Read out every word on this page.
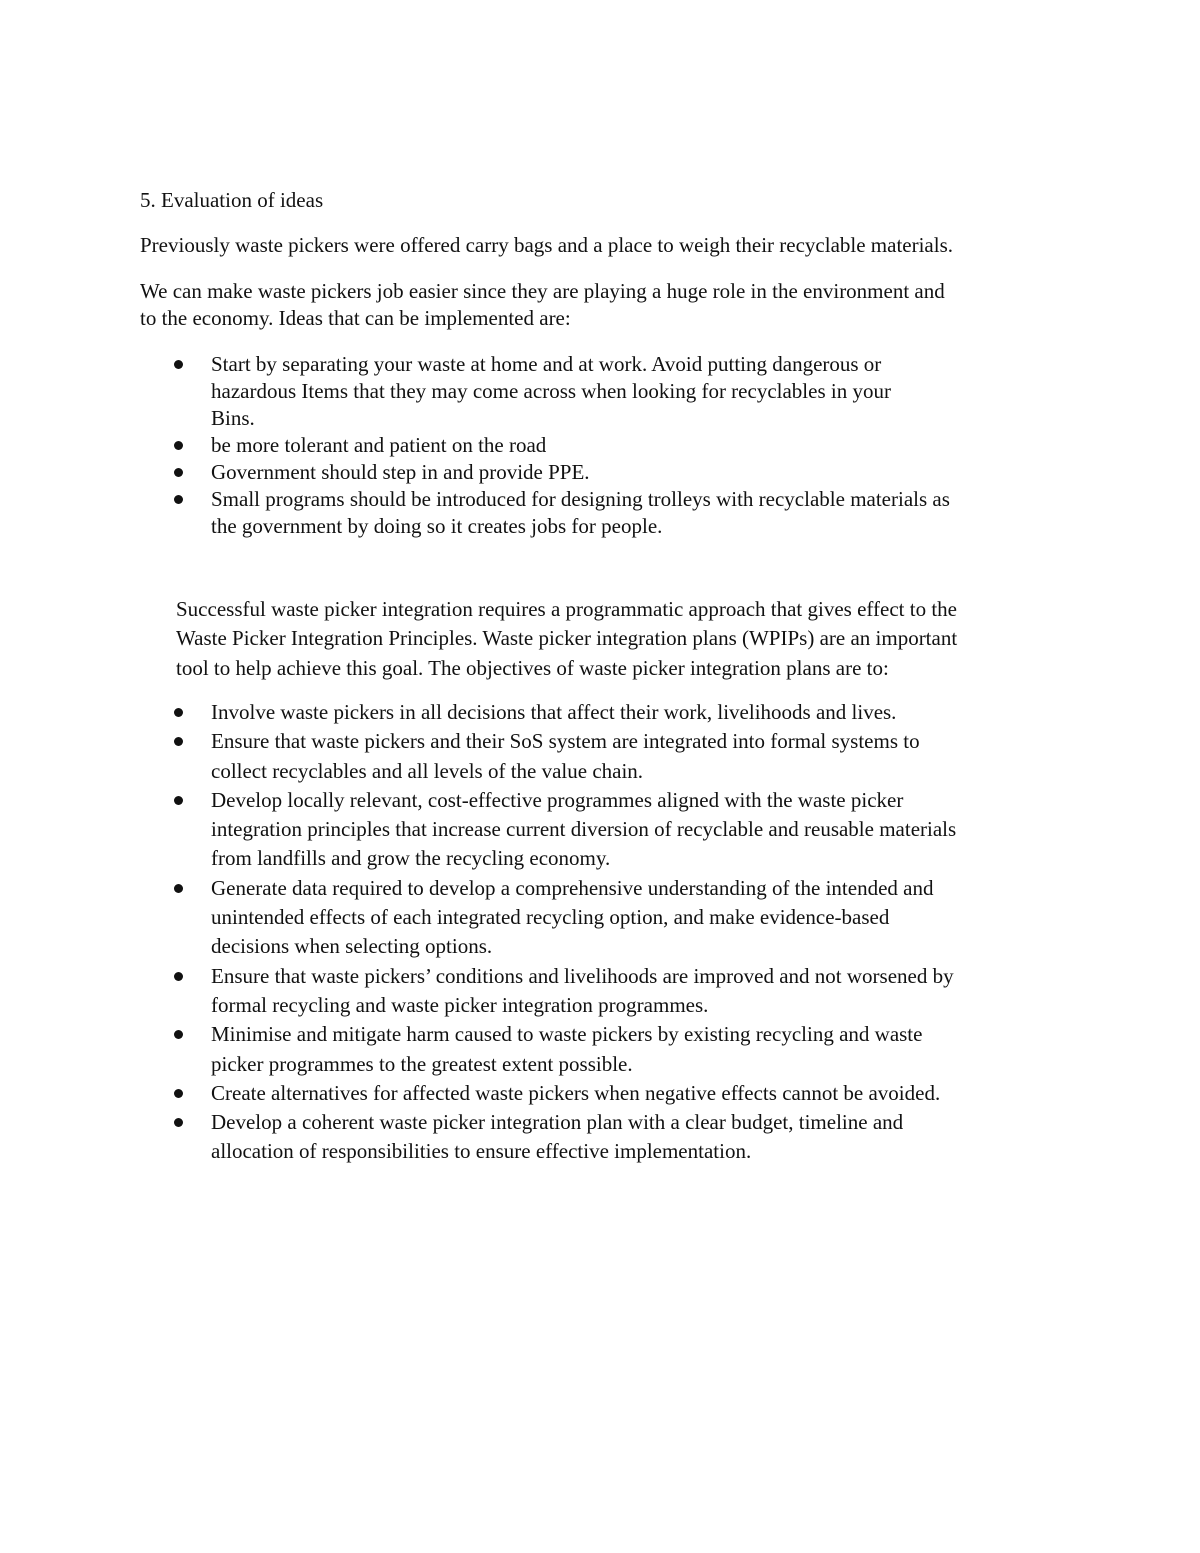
5. Evaluation of ideas

Previously waste pickers were offered carry bags and a place to weigh their recyclable materials.

We can make waste pickers job easier since they are playing a huge role in the environment and
to the economy. Ideas that can be implemented are:

Start by separating your waste at home and at work. Avoid putting dangerous or
hazardous Items that they may come across when looking for recyclables in your
Bins.
be more tolerant and patient on the road
Government should step in and provide PPE.
Small programs should be introduced for designing trolleys with recyclable materials as
the government by doing so it creates jobs for people.

Successful waste picker integration requires a programmatic approach that gives effect to the
Waste Picker Integration Principles. Waste picker integration plans (WPIPs) are an important
tool to help achieve this goal. The objectives of waste picker integration plans are to:

Involve waste pickers in all decisions that affect their work, livelihoods and lives.
Ensure that waste pickers and their SoS system are integrated into formal systems to
collect recyclables and all levels of the value chain.
Develop locally relevant, cost-effective programmes aligned with the waste picker
integration principles that increase current diversion of recyclable and reusable materials
from landfills and grow the recycling economy.
Generate data required to develop a comprehensive understanding of the intended and
unintended effects of each integrated recycling option, and make evidence-based
decisions when selecting options.
Ensure that waste pickers’ conditions and livelihoods are improved and not worsened by
formal recycling and waste picker integration programmes.
Minimise and mitigate harm caused to waste pickers by existing recycling and waste
picker programmes to the greatest extent possible.
Create alternatives for affected waste pickers when negative effects cannot be avoided.
Develop a coherent waste picker integration plan with a clear budget, timeline and
allocation of responsibilities to ensure effective implementation.
